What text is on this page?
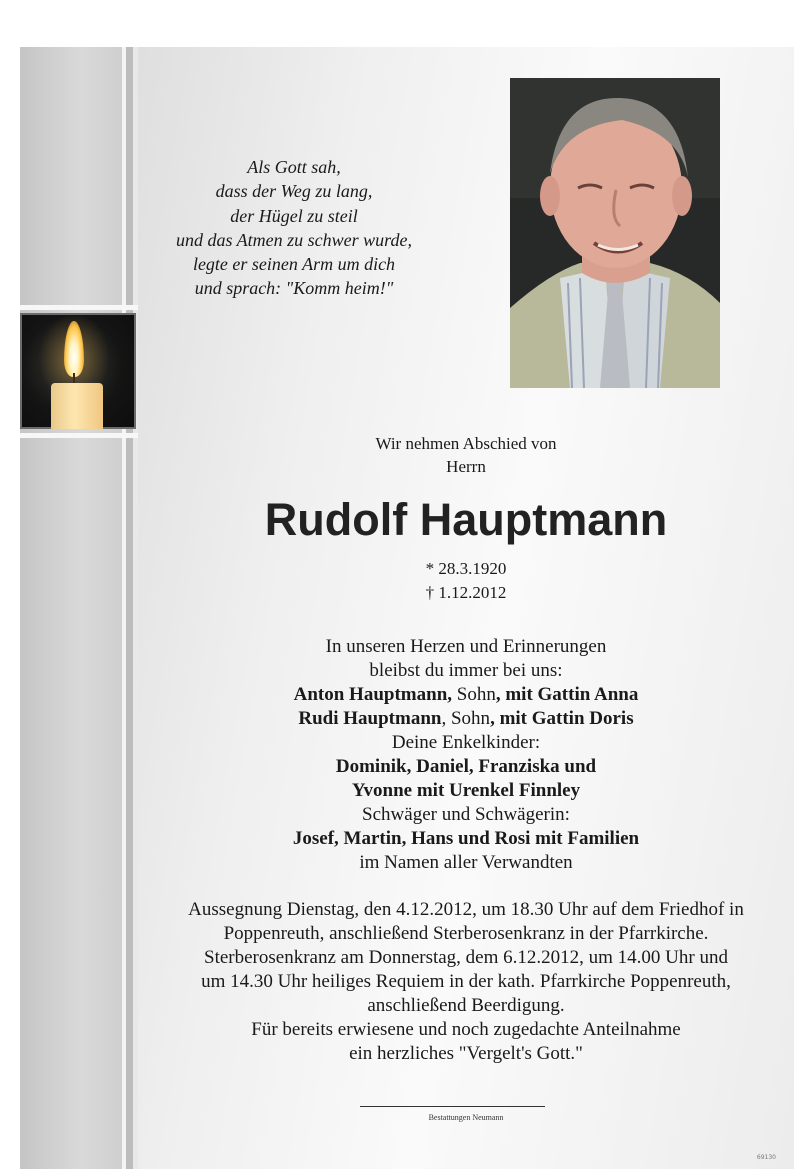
Als Gott sah,
dass der Weg zu lang,
der Hügel zu steil
und das Atmen zu schwer wurde,
legte er seinen Arm um dich
und sprach: "Komm heim!"
Wir nehmen Abschied von
Herrn
Rudolf Hauptmann
* 28.3.1920
† 1.12.2012
In unseren Herzen und Erinnerungen
bleibst du immer bei uns:
Anton Hauptmann, Sohn, mit Gattin Anna
Rudi Hauptmann, Sohn, mit Gattin Doris
Deine Enkelkinder:
Dominik, Daniel, Franziska und
Yvonne mit Urenkel Finnley
Schwäger und Schwägerin:
Josef, Martin, Hans und Rosi mit Familien
im Namen aller Verwandten
Aussegnung Dienstag, den 4.12.2012, um 18.30 Uhr auf dem Friedhof in
Poppenreuth, anschließend Sterberosenkranz in der Pfarrkirche.
Sterberosenkranz am Donnerstag, dem 6.12.2012, um 14.00 Uhr und
um 14.30 Uhr heiliges Requiem in der kath. Pfarrkirche Poppenreuth,
anschließend Beerdigung.
Für bereits erwiesene und noch zugedachte Anteilnahme
ein herzliches "Vergelt's Gott."
Bestattungen Neumann
69130
